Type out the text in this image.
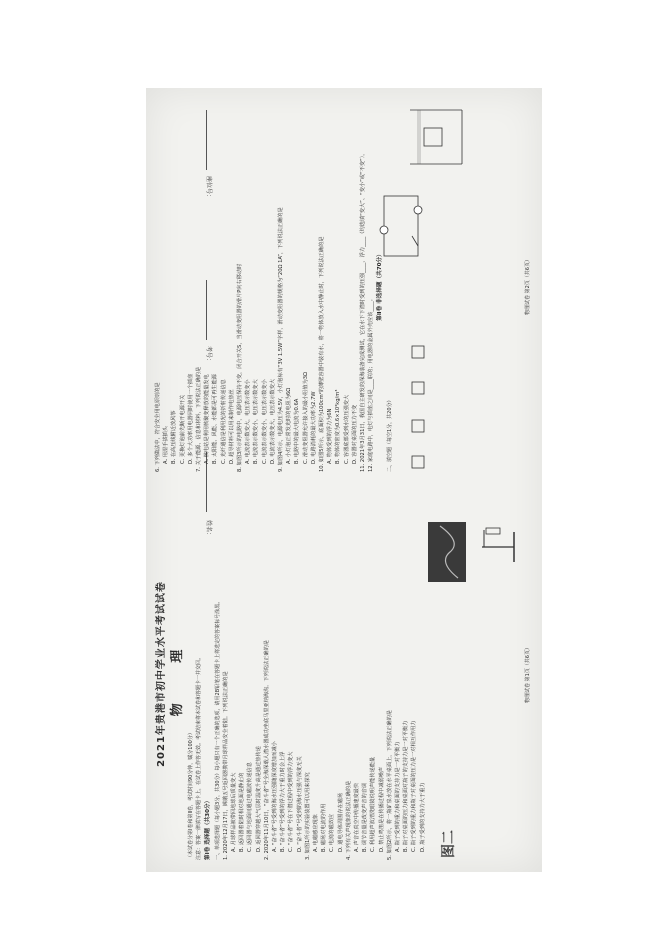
座位号：
考号：
姓名：
2021年贵港市初中学业水平考试试卷 物 理
（本试卷分第Ⅰ卷和第Ⅱ卷，考试时间90分钟，赋分100分） 注意：答案一律填写在答题卡上，在试卷上作答无效。考试结束将本试卷和答题卡一并交回。 第Ⅰ卷 选择题（共30分） 一、单项选择题（每小题3分，共30分）每小题只有一个正确的选项，请用2B铅笔在答题卡上将选定的答案标号涂黑。 1. 2020年12月17日，嫦娥五号返回器携带月球样品安全着陆。下列说法正确的是 A. 月球样品被带回地球后质量变大 B. 返回器着陆时相对地面是静止的 C. 返回器与地面间通过电磁波传递信息 D. 返回器穿越大气层时温度升高是通过热传递 2. 2020年11月10日，“奋斗者”号全海深载人潜水器成功坐底马里亚纳海沟。下列说法正确的是 A. “奋斗者”号受到的海水压强随深度增加而减小 B. “奋斗者”号受到的浮力大于重力时会上浮 C. “奋斗者”号在下潜过程中受到的浮力变大 D. “奋斗者”号受到的海水压强与深度无关 3. 如图1所示的实验装置可以用来探究 A. 电磁感应现象 B. 磁场对电流的作用 C. 电流的磁效应 D. 通电导体周围存在磁场 4. 下列有关声现象的说法正确的是 A. 声音在真空中传播速度最快 B. 调节音量是改变声音的音调 C. 利用超声波清洗眼镜说明声能传递能量 D. 禁止鸣笛是在传播过程中减弱噪声 5. 如图2所示，将一瓶矿泉水放在水平桌面上，下列说法正确的是 A. 瓶子受到的重力和桌面的支持力是一对平衡力 B. 瓶子对桌面的压力和桌面对瓶子的支持力是一对平衡力 C. 瓶子受到的重力和瓶子对桌面的压力是一对相互作用力 D. 瓶子受到的支持力大于重力
物理试卷 第1页（共6页）
6. 下列做法中，符合安全用电原则的是 A. 用湿手拔插头 B. 在高压线附近放风筝 C. 更换灯泡前先断开电源开关 D. 多个大功率用电器同时使用一个插座 7. 关于能源、信息和材料，下列说法正确的是 A. 核电站是利用核聚变释放的能量发电 B. 太阳能、风能、水能都是可再生能源 C. 光纤通信是利用光的折射传递信息 D. 超导材料可以用来制作电热丝 8. 如图3所示的电路中，电源电压保持不变，闭合开关S，当滑动变阻器的滑片P向右移动时 A. 电流表示数变大，电压表示数变小 B. 电流表示数变小，电压表示数变大 C. 电流表示数变小，电压表示数变小 D. 电流表示数变大，电压表示数变大 9. 如图4所示，电源电压为4.5V，小灯泡标有“3V 1.5W”字样，滑动变阻器的规格为“20Ω 1A”，下列说法正确的是 A. 小灯泡正常发光时的电阻为6Ω B. 电路中的最大电流为0.6A C. 滑动变阻器允许接入的最小阻值为3Ω D. 电路消耗的最大功率为2.7W 10. 如图5所示，底面积为100cm²的薄壁容器中装有水，将一物体放入水中静止时，下列说法正确的是 A. 物体受到的浮力为6N B. 物体的密度为0.6×10³kg/m³ C. 容器底部受到水的压强变大 D. 容器对桌面的压力不变 11. 2021年3月31日，我国自主研发的深海装备完成测试，它在水下下潜时受到的压强____，浮力____（均选填“变大”、“变小”或“不变”）。 12. 家庭电路中，电灯与插座之间是____联的；用电器的金属外壳应该____。
第Ⅱ卷 非选择题（共70分）
二、填空题（每空1分，共20分）
物理试卷 第2页（共6页）
图二
